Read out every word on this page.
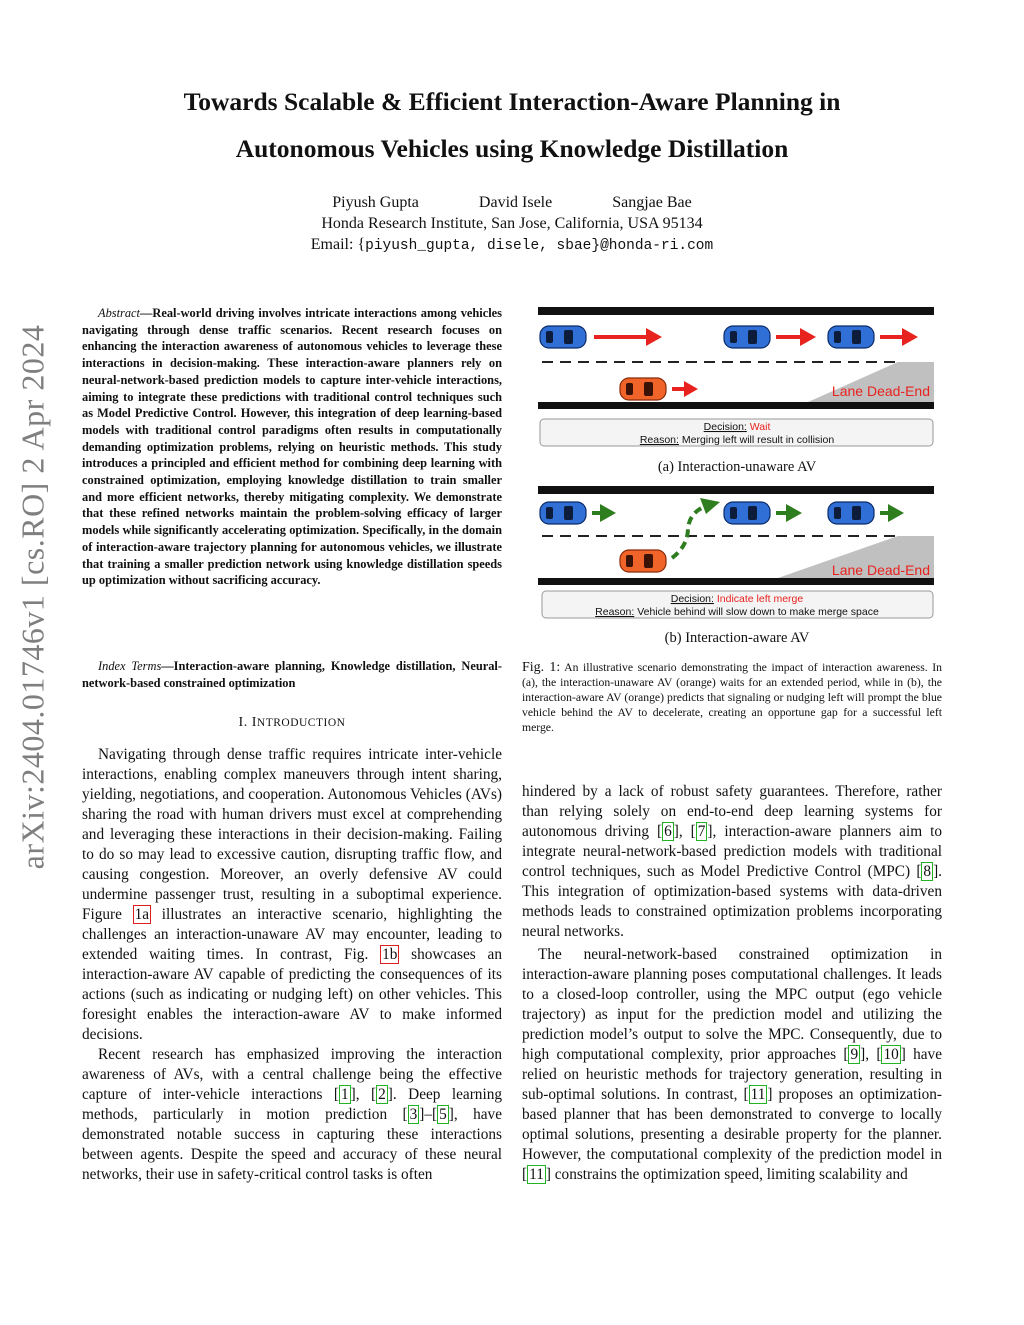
arXiv:2404.01746v1 [cs.RO] 2 Apr 2024
Towards Scalable & Efficient Interaction-Aware Planning in
Autonomous Vehicles using Knowledge Distillation
Piyush Gupta	David Isele	Sangjae Bae
Honda Research Institute, San Jose, California, USA 95134
Email: {piyush_gupta, disele, sbae}@honda-ri.com
Abstract—Real-world driving involves intricate interactions among vehicles navigating through dense traffic scenarios. Recent research focuses on enhancing the interaction awareness of autonomous vehicles to leverage these interactions in decision-making. These interaction-aware planners rely on neural-network-based prediction models to capture inter-vehicle interactions, aiming to integrate these predictions with traditional control techniques such as Model Predictive Control. However, this integration of deep learning-based models with traditional control paradigms often results in computationally demanding optimization problems, relying on heuristic methods. This study introduces a principled and efficient method for combining deep learning with constrained optimization, employing knowledge distillation to train smaller and more efficient networks, thereby mitigating complexity. We demonstrate that these refined networks maintain the problem-solving efficacy of larger models while significantly accelerating optimization. Specifically, in the domain of interaction-aware trajectory planning for autonomous vehicles, we illustrate that training a smaller prediction network using knowledge distillation speeds up optimization without sacrificing accuracy.
Index Terms—Interaction-aware planning, Knowledge distillation, Neural-network-based constrained optimization
I. INTRODUCTION

Navigating through dense traffic requires intricate inter-vehicle interactions, enabling complex maneuvers through intent sharing, yielding, negotiations, and cooperation. Autonomous Vehicles (AVs) sharing the road with human drivers must excel at comprehending and leveraging these interactions in their decision-making. Failing to do so may lead to excessive caution, disrupting traffic flow, and causing congestion. Moreover, an overly defensive AV could undermine passenger trust, resulting in a suboptimal experience. Figure 1a illustrates an interactive scenario, highlighting the challenges an interaction-unaware AV may encounter, leading to extended waiting times. In contrast, Fig. 1b showcases an interaction-aware AV capable of predicting the consequences of its actions (such as indicating or nudging left) on other vehicles. This foresight enables the interaction-aware AV to make informed decisions.

Recent research has emphasized improving the interaction awareness of AVs, with a central challenge being the effective capture of inter-vehicle interactions [ 1 ], [ 2 ]. Deep learning methods, particularly in motion prediction [ 3 ]–[ 5 ], have demonstrated notable success in capturing these interactions between agents. Despite the speed and accuracy of these neural networks, their use in safety-critical control tasks is often

hindered by a lack of robust safety guarantees. Therefore, rather than relying solely on end-to-end deep learning systems for autonomous driving [ 6 ], [ 7 ], interaction-aware planners aim to integrate neural-network-based prediction models with traditional control techniques, such as Model Predictive Control (MPC) [ 8 ]. This integration of optimization-based systems with data-driven methods leads to constrained optimization problems incorporating neural networks.

The neural-network-based constrained optimization in interaction-aware planning poses computational challenges. It leads to a closed-loop controller, using the MPC output (ego vehicle trajectory) as input for the prediction model and utilizing the prediction model’s output to solve the MPC. Consequently, due to high computational complexity, prior approaches [ 9 ], [ 10 ] have relied on heuristic methods for trajectory generation, resulting in sub-optimal solutions. In contrast, [ 11 ] proposes an optimization-based planner that has been demonstrated to converge to locally optimal solutions, presenting a desirable property for the planner. However, the computational complexity of the prediction model in [ 11 ] constrains the optimization speed, limiting scalability and

Lane Dead-End
Decision: Wait
Reason: Merging left will result in collision
(a) Interaction-unaware AV
Lane Dead-End
Decision: Indicate left merge
Reason: Vehicle behind will slow down to make merge space
(b) Interaction-aware AV
Fig. 1: An illustrative scenario demonstrating the impact of interaction awareness. In (a), the interaction-unaware AV (orange) waits for an extended period, while in (b), the interaction-aware AV (orange) predicts that signaling or nudging left will prompt the blue vehicle behind the AV to decelerate, creating an opportune gap for a successful left merge.
